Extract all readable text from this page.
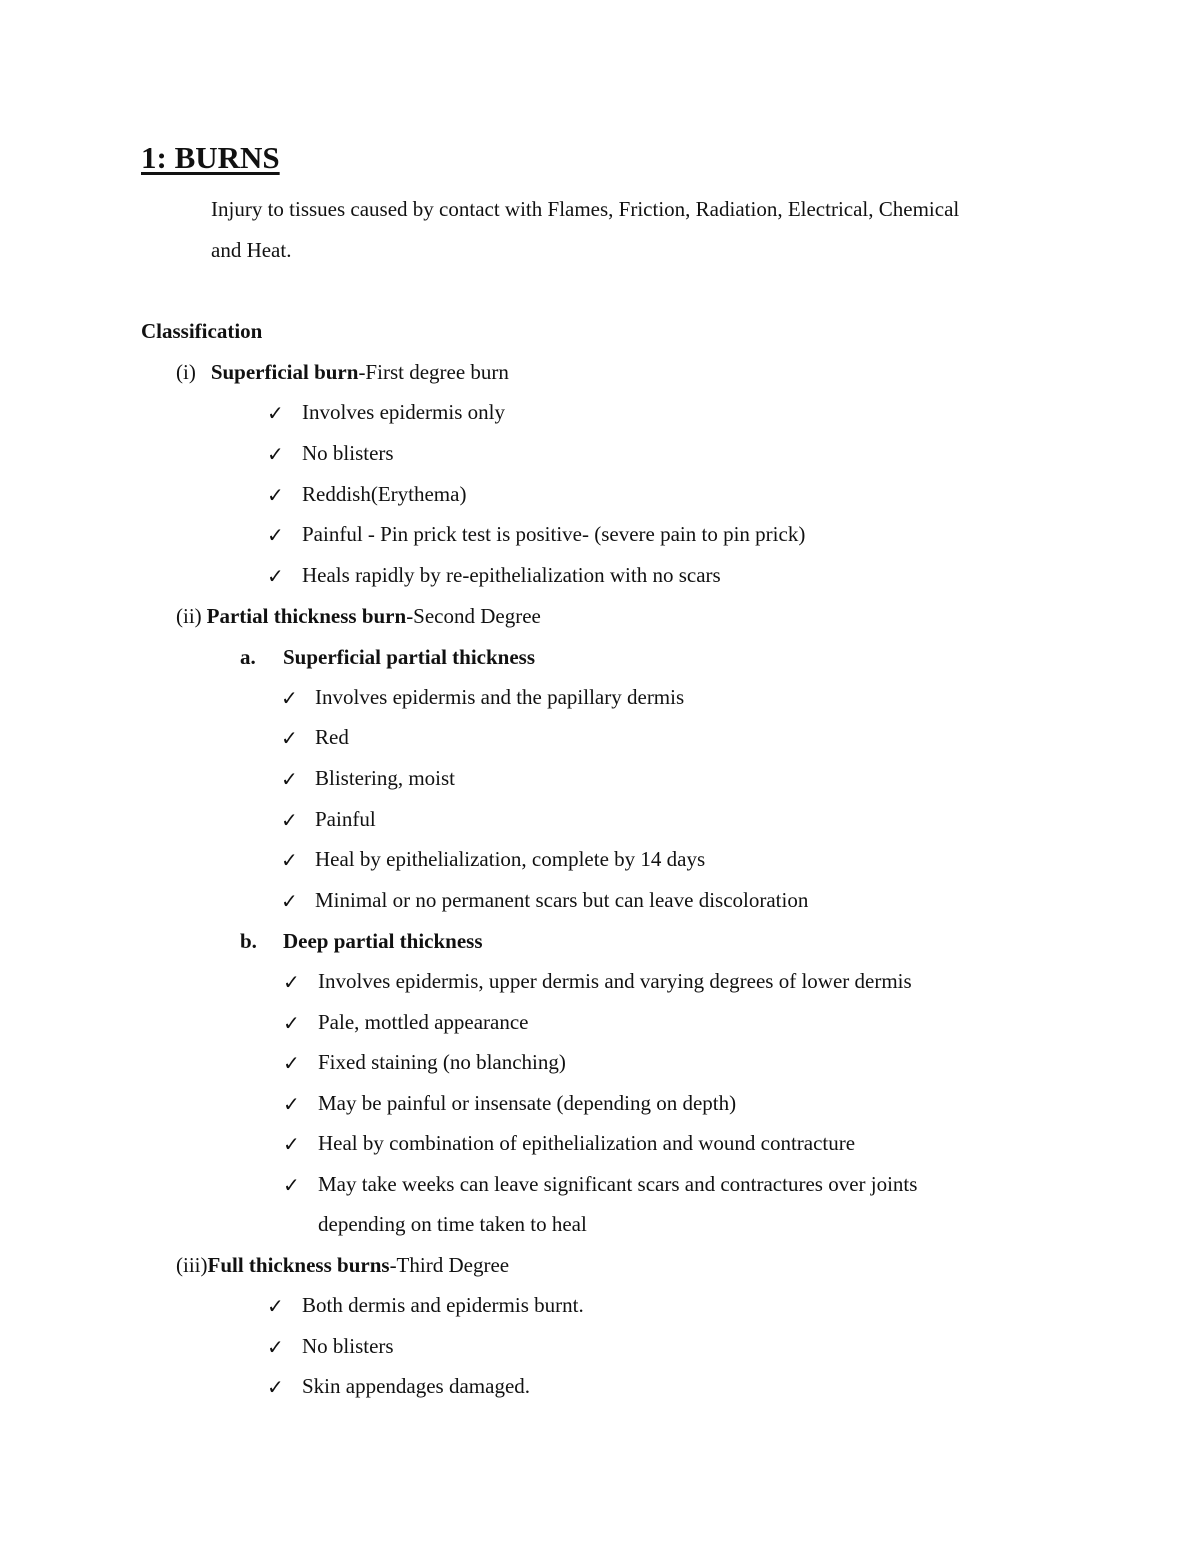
1: BURNS
Injury to tissues caused by contact with Flames, Friction, Radiation, Electrical, Chemical
and Heat.
Classification
(i) Superficial burn-First degree burn
✓ Involves epidermis only
✓ No blisters
✓ Reddish(Erythema)
✓ Painful - Pin prick test is positive- (severe pain to pin prick)
✓ Heals rapidly by re-epithelialization with no scars
(ii) Partial thickness burn-Second Degree
a. Superficial partial thickness
✓ Involves epidermis and the papillary dermis
✓ Red
✓ Blistering, moist
✓ Painful
✓ Heal by epithelialization, complete by 14 days
✓ Minimal or no permanent scars but can leave discoloration
b. Deep partial thickness
✓ Involves epidermis, upper dermis and varying degrees of lower dermis
✓ Pale, mottled appearance
✓ Fixed staining (no blanching)
✓ May be painful or insensate (depending on depth)
✓ Heal by combination of epithelialization and wound contracture
✓ May take weeks can leave significant scars and contractures over joints
depending on time taken to heal
(iii)Full thickness burns-Third Degree
✓ Both dermis and epidermis burnt.
✓ No blisters
✓ Skin appendages damaged.
